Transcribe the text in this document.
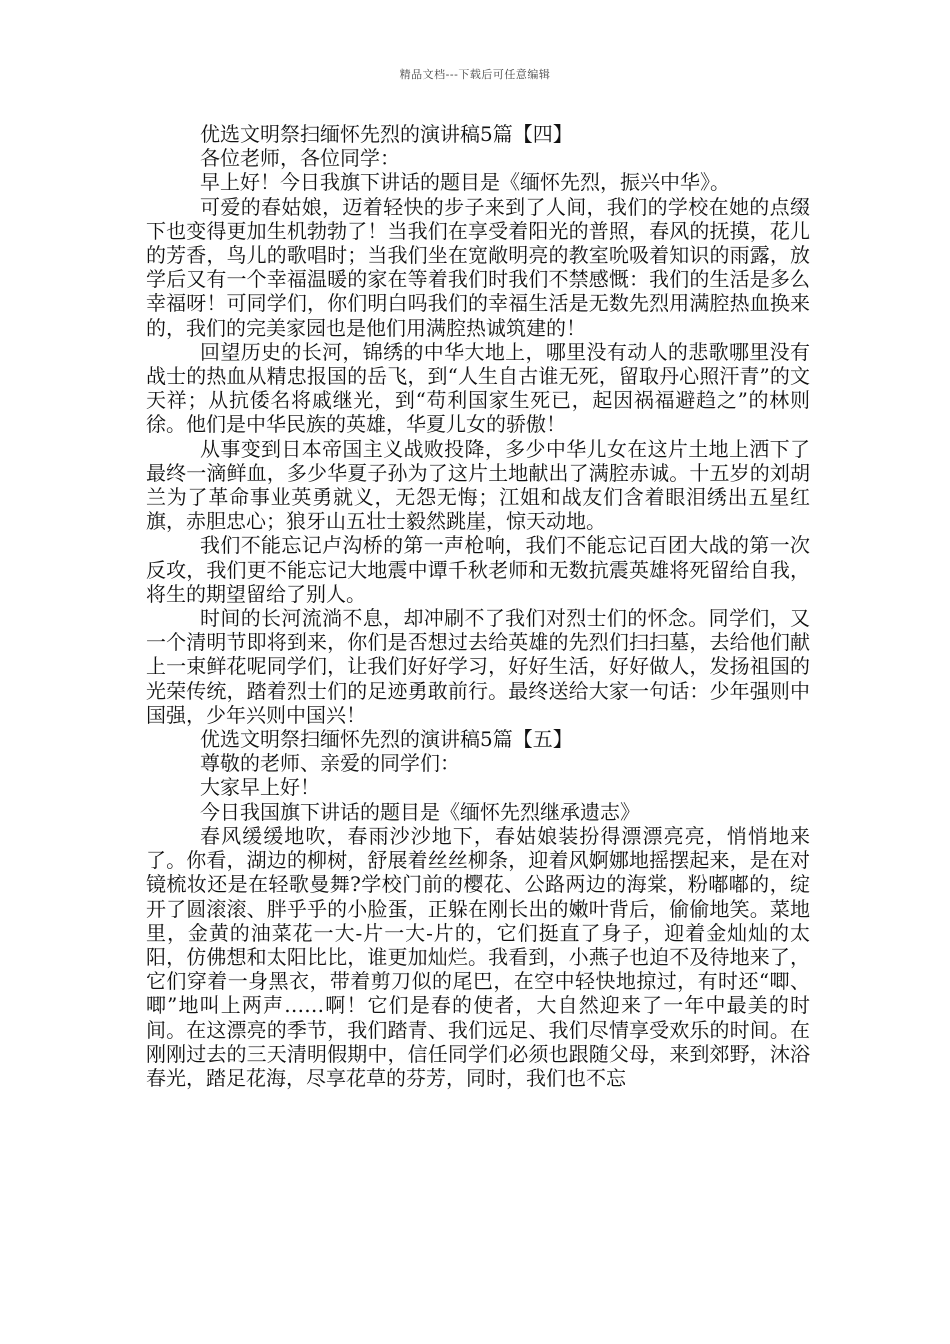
精品文档---下载后可任意编辑

优选文明祭扫缅怀先烈的演讲稿5篇【四】

各位老师，各位同学：

早上好！今日我旗下讲话的题目是《缅怀先烈，振兴中华》。

可爱的春姑娘，迈着轻快的步子来到了人间，我们的学校在她的点缀下也变得更加生机勃勃了！当我们在享受着阳光的普照，春风的抚摸，花儿的芳香，鸟儿的歌唱时；当我们坐在宽敞明亮的教室吮吸着知识的雨露，放学后又有一个幸福温暖的家在等着我们时我们不禁感慨：我们的生活是多么幸福呀！可同学们，你们明白吗我们的幸福生活是无数先烈用满腔热血换来的，我们的完美家园也是他们用满腔热诚筑建的！

回望历史的长河，锦绣的中华大地上，哪里没有动人的悲歌哪里没有战士的热血从精忠报国的岳飞，到“人生自古谁无死，留取丹心照汗青”的文天祥；从抗倭名将戚继光，到“苟利国家生死已，起因祸福避趋之”的林则徐。他们是中华民族的英雄，华夏儿女的骄傲！

从事变到日本帝国主义战败投降，多少中华儿女在这片土地上洒下了最终一滴鲜血，多少华夏子孙为了这片土地献出了满腔赤诚。十五岁的刘胡兰为了革命事业英勇就义，无怨无悔；江姐和战友们含着眼泪绣出五星红旗，赤胆忠心；狼牙山五壮士毅然跳崖，惊天动地。

我们不能忘记卢沟桥的第一声枪响，我们不能忘记百团大战的第一次反攻，我们更不能忘记大地震中谭千秋老师和无数抗震英雄将死留给自我，将生的期望留给了别人。

时间的长河流淌不息，却冲刷不了我们对烈士们的怀念。同学们，又一个清明节即将到来，你们是否想过去给英雄的先烈们扫扫墓，去给他们献上一束鲜花呢同学们，让我们好好学习，好好生活，好好做人，发扬祖国的光荣传统，踏着烈士们的足迹勇敢前行。最终送给大家一句话：少年强则中国强，少年兴则中国兴！

优选文明祭扫缅怀先烈的演讲稿5篇【五】

尊敬的老师、亲爱的同学们：

大家早上好！

今日我国旗下讲话的题目是《缅怀先烈继承遗志》

春风缓缓地吹，春雨沙沙地下，春姑娘装扮得漂漂亮亮，悄悄地来了。你看，湖边的柳树，舒展着丝丝柳条，迎着风婀娜地摇摆起来，是在对镜梳妆还是在轻歌曼舞?学校门前的樱花、公路两边的海棠，粉嘟嘟的，绽开了圆滚滚、胖乎乎的小脸蛋，正躲在刚长出的嫩叶背后，偷偷地笑。菜地里，金黄的油菜花一大-片一大-片的，它们挺直了身子，迎着金灿灿的太阳，仿佛想和太阳比比，谁更加灿烂。我看到，小燕子也迫不及待地来了，它们穿着一身黑衣，带着剪刀似的尾巴，在空中轻快地掠过，有时还“唧、唧”地叫上两声……啊！它们是春的使者，大自然迎来了一年中最美的时间。在这漂亮的季节，我们踏青、我们远足、我们尽情享受欢乐的时间。在刚刚过去的三天清明假期中，信任同学们必须也跟随父母，来到郊野，沐浴春光，踏足花海，尽享花草的芬芳，同时，我们也不忘
